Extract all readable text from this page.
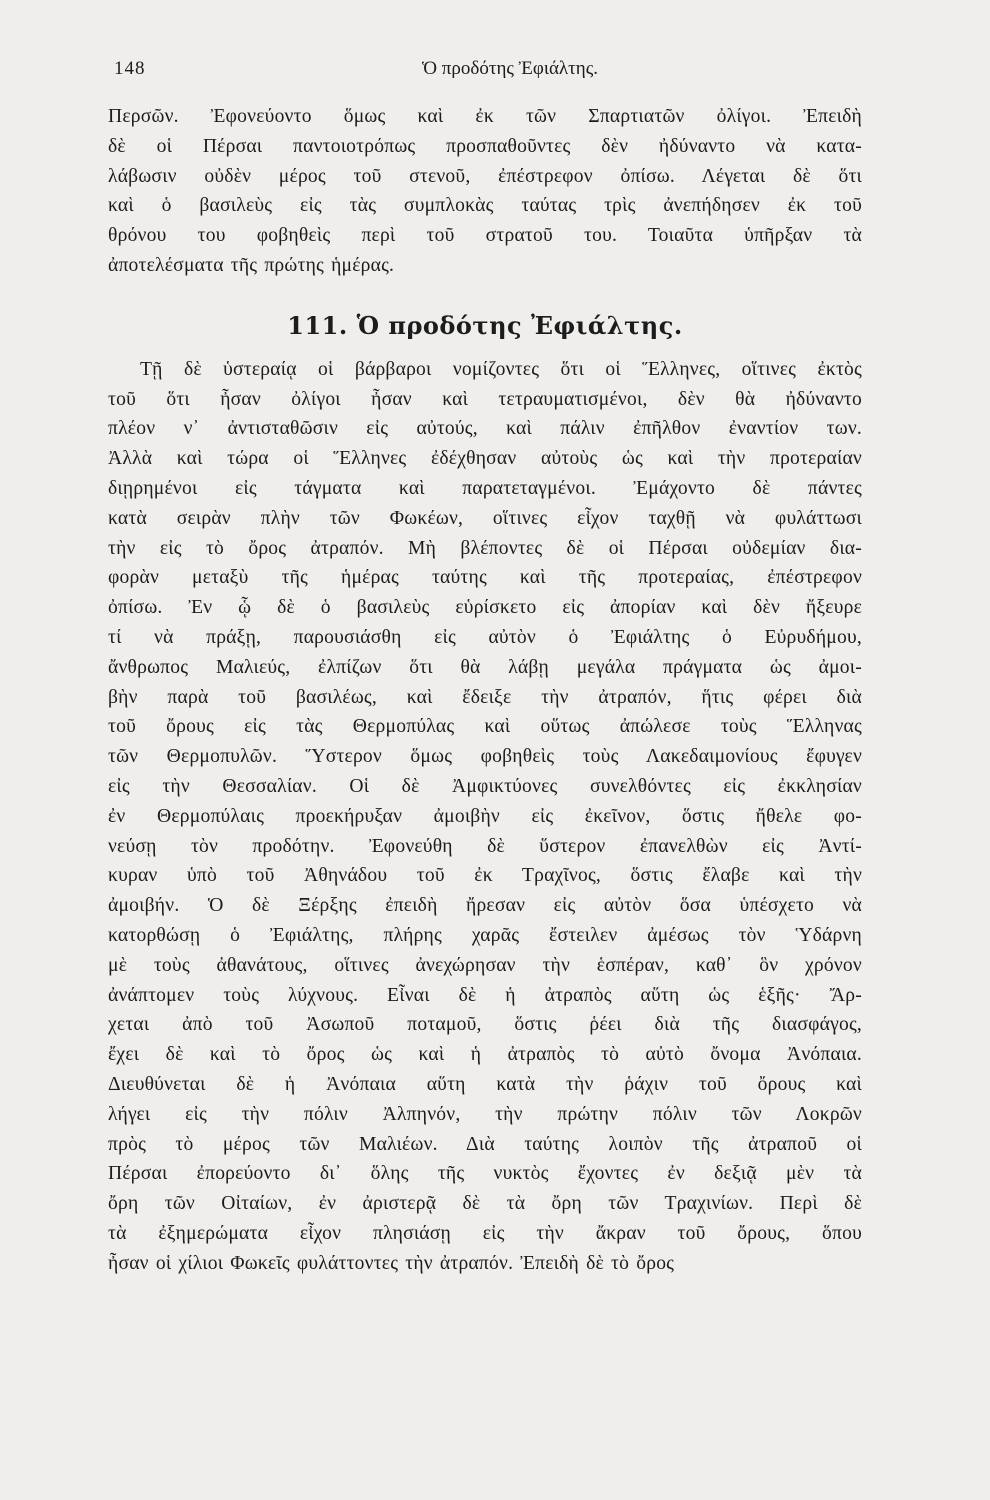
148	Ὁ προδότης Ἐφιάλτης.
Περσῶν. Ἐφονεύοντο ὅμως καὶ ἐκ τῶν Σπαρτιατῶν ὀλίγοι. Ἐπειδὴ
δὲ οἱ Πέρσαι παντοιοτρόπως προσπαθοῦντες δὲν ἠδύναντο νὰ κατα-
λάβωσιν οὐδὲν μέρος τοῦ στενοῦ, ἐπέστρεφον ὀπίσω. Λέγεται δὲ ὅτι
καὶ ὁ βασιλεὺς εἰς τὰς συμπλοκὰς ταύτας τρὶς ἀνεπήδησεν ἐκ τοῦ
θρόνου του φοβηθεὶς περὶ τοῦ στρατοῦ του. Τοιαῦτα ὑπῆρξαν τὰ
ἀποτελέσματα τῆς πρώτης ἡμέρας.
111. Ὁ προδότης Ἐφιάλτης.
Τῇ δὲ ὑστεραίᾳ οἱ βάρβαροι νομίζοντες ὅτι οἱ Ἕλληνες, οἵτινες ἐκτὸς
τοῦ ὅτι ἦσαν ὀλίγοι ἦσαν καὶ τετραυματισμένοι, δὲν θὰ ἠδύναντο
πλέον ν᾿ ἀντισταθῶσιν εἰς αὐτούς, καὶ πάλιν ἐπῆλθον ἐναντίον των.
Ἀλλὰ καὶ τώρα οἱ Ἕλληνες ἐδέχθησαν αὐτοὺς ὡς καὶ τὴν προτεραίαν
διῃρημένοι εἰς τάγματα καὶ παρατεταγμένοι. Ἐμάχοντο δὲ πάντες
κατὰ σειρὰν πλὴν τῶν Φωκέων, οἵτινες εἶχον ταχθῇ νὰ φυλάττωσι
τὴν εἰς τὸ ὄρος ἀτραπόν. Μὴ βλέποντες δὲ οἱ Πέρσαι οὐδεμίαν δια-
φορὰν μεταξὺ τῆς ἡμέρας ταύτης καὶ τῆς προτεραίας, ἐπέστρεφον
ὀπίσω. Ἐν ᾧ δὲ ὁ βασιλεὺς εὑρίσκετο εἰς ἀπορίαν καὶ δὲν ἤξευρε
τί νὰ πράξῃ, παρουσιάσθη εἰς αὐτὸν ὁ Ἐφιάλτης ὁ Εὐρυδήμου,
ἄνθρωπος Μαλιεύς, ἐλπίζων ὅτι θὰ λάβῃ μεγάλα πράγματα ὡς ἀμοι-
βὴν παρὰ τοῦ βασιλέως, καὶ ἔδειξε τὴν ἀτραπόν, ἥτις φέρει διὰ
τοῦ ὄρους εἰς τὰς Θερμοπύλας καὶ οὕτως ἀπώλεσε τοὺς Ἕλληνας
τῶν Θερμοπυλῶν. Ὕστερον ὅμως φοβηθεὶς τοὺς Λακεδαιμονίους ἔφυγεν
εἰς τὴν Θεσσαλίαν. Οἱ δὲ Ἀμφικτύονες συνελθόντες εἰς ἐκκλησίαν
ἐν Θερμοπύλαις προεκήρυξαν ἀμοιβὴν εἰς ἐκεῖνον, ὅστις ἤθελε φο-
νεύσῃ τὸν προδότην. Ἐφονεύθη δὲ ὕστερον ἐπανελθὼν εἰς Ἀντί-
κυραν ὑπὸ τοῦ Ἀθηνάδου τοῦ ἐκ Τραχῖνος, ὅστις ἔλαβε καὶ τὴν
ἀμοιβήν. Ὁ δὲ Ξέρξης ἐπειδὴ ἤρεσαν εἰς αὐτὸν ὅσα ὑπέσχετο νὰ
κατορθώσῃ ὁ Ἐφιάλτης, πλήρης χαρᾶς ἔστειλεν ἀμέσως τὸν Ὑδάρνη
μὲ τοὺς ἀθανάτους, οἵτινες ἀνεχώρησαν τὴν ἑσπέραν, καθ᾿ ὃν χρόνον
ἀνάπτομεν τοὺς λύχνους. Εἶναι δὲ ἡ ἀτραπὸς αὕτη ὡς ἑξῆς· Ἄρ-
χεται ἀπὸ τοῦ Ἀσωποῦ ποταμοῦ, ὅστις ῥέει διὰ τῆς διασφάγος,
ἔχει δὲ καὶ τὸ ὄρος ὡς καὶ ἡ ἀτραπὸς τὸ αὐτὸ ὄνομα Ἀνόπαια.
Διευθύνεται δὲ ἡ Ἀνόπαια αὕτη κατὰ τὴν ῥάχιν τοῦ ὄρους καὶ
λήγει εἰς τὴν πόλιν Ἀλπηνόν, τὴν πρώτην πόλιν τῶν Λοκρῶν
πρὸς τὸ μέρος τῶν Μαλιέων. Διὰ ταύτης λοιπὸν τῆς ἀτραποῦ οἱ
Πέρσαι ἐπορεύοντο δι᾿ ὅλης τῆς νυκτὸς ἔχοντες ἐν δεξιᾷ μὲν τὰ
ὄρη τῶν Οἰταίων, ἐν ἀριστερᾷ δὲ τὰ ὄρη τῶν Τραχινίων. Περὶ δὲ
τὰ ἐξημερώματα εἶχον πλησιάσῃ εἰς τὴν ἄκραν τοῦ ὄρους, ὅπου
ἦσαν οἱ χίλιοι Φωκεῖς φυλάττοντες τὴν ἀτραπόν. Ἐπειδὴ δὲ τὸ ὄρος
